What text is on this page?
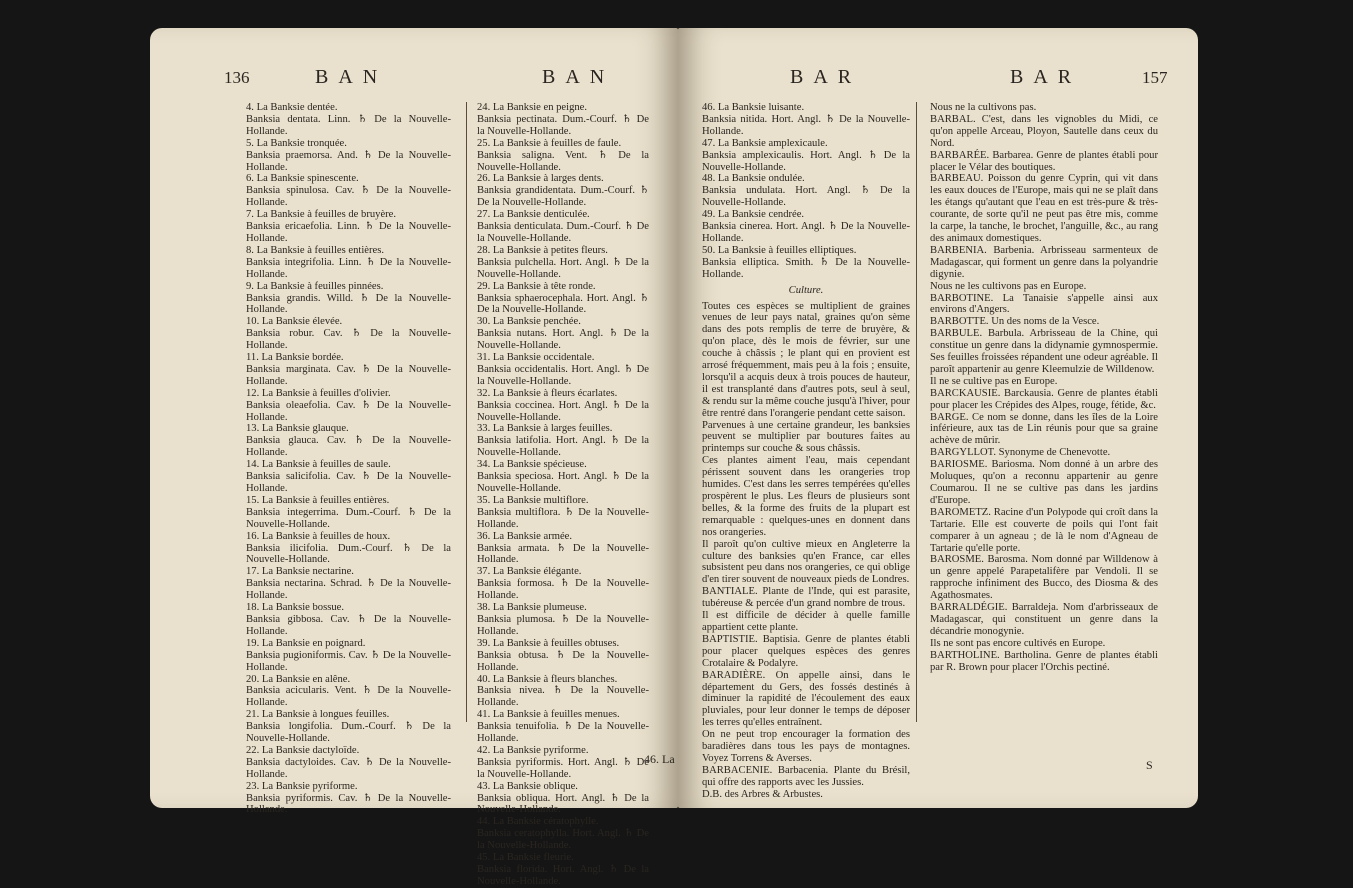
136	BAN	BAN

4. La Banksie dentée.

Banksia dentata. Linn. ♄ De la Nouvelle-Hollande.

5. La Banksie tronquée.

Banksia praemorsa. And. ♄ De la Nouvelle-Hollande.

6. La Banksie spinescente.

Banksia spinulosa. Cav. ♄ De la Nouvelle-Hollande.

7. La Banksie à feuilles de bruyère.

Banksia ericaefolia. Linn. ♄ De la Nouvelle-Hollande.

8. La Banksie à feuilles entières.

Banksia integrifolia. Linn. ♄ De la Nouvelle-Hollande.

9. La Banksie à feuilles pinnées.

Banksia grandis. Willd. ♄ De la Nouvelle-Hollande.

10. La Banksie élevée.

Banksia robur. Cav. ♄ De la Nouvelle-Hollande.

11. La Banksie bordée.

Banksia marginata. Cav. ♄ De la Nouvelle-Hollande.

12. La Banksie à feuilles d'olivier.

Banksia oleaefolia. Cav. ♄ De la Nouvelle-Hollande.

13. La Banksie glauque.

Banksia glauca. Cav. ♄ De la Nouvelle-Hollande.

14. La Banksie à feuilles de saule.

Banksia salicifolia. Cav. ♄ De la Nouvelle-Hollande.

15. La Banksie à feuilles entières.

Banksia integerrima. Dum.-Courf. ♄ De la Nouvelle-Hollande.

16. La Banksie à feuilles de houx.

Banksia ilicifolia. Dum.-Courf. ♄ De la Nouvelle-Hollande.

17. La Banksie nectarine.

Banksia nectarina. Schrad. ♄ De la Nouvelle-Hollande.

18. La Banksie bossue.

Banksia gibbosa. Cav. ♄ De la Nouvelle-Hollande.

19. La Banksie en poignard.

Banksia pugioniformis. Cav. ♄ De la Nouvelle-Hollande.

20. La Banksie en alêne.

Banksia acicularis. Vent. ♄ De la Nouvelle-Hollande.

21. La Banksie à longues feuilles.

Banksia longifolia. Dum.-Courf. ♄ De la Nouvelle-Hollande.

22. La Banksie dactyloïde.

Banksia dactyloides. Cav. ♄ De la Nouvelle-Hollande.

23. La Banksie pyriforme.

Banksia pyriformis. Cav. ♄ De la Nouvelle-Hollande.

24. La Banksie en peigne.

Banksia pectinata. Dum.-Courf. ♄ De la Nouvelle-Hollande.

25. La Banksie à feuilles de faule.

Banksia saligna. Vent. ♄ De la Nouvelle-Hollande.

26. La Banksie à larges dents.

Banksia grandidentata. Dum.-Courf. ♄ De la Nouvelle-Hollande.

27. La Banksie denticulée.

Banksia denticulata. Dum.-Courf. ♄ De la Nouvelle-Hollande.

28. La Banksie à petites fleurs.

Banksia pulchella. Hort. Angl. ♄ De la Nouvelle-Hollande.

29. La Banksie à tête ronde.

Banksia sphaerocephala. Hort. Angl. ♄ De la Nouvelle-Hollande.

30. La Banksie penchée.

Banksia nutans. Hort. Angl. ♄ De la Nouvelle-Hollande.

31. La Banksie occidentale.

Banksia occidentalis. Hort. Angl. ♄ De la Nouvelle-Hollande.

32. La Banksie à fleurs écarlates.

Banksia coccinea. Hort. Angl. ♄ De la Nouvelle-Hollande.

33. La Banksie à larges feuilles.

Banksia latifolia. Hort. Angl. ♄ De la Nouvelle-Hollande.

34. La Banksie spécieuse.

Banksia speciosa. Hort. Angl. ♄ De la Nouvelle-Hollande.

35. La Banksie multiflore.

Banksia multiflora. ♄ De la Nouvelle-Hollande.

36. La Banksie armée.

Banksia armata. ♄ De la Nouvelle-Hollande.

37. La Banksie élégante.

Banksia formosa. ♄ De la Nouvelle-Hollande.

38. La Banksie plumeuse.

Banksia plumosa. ♄ De la Nouvelle-Hollande.

39. La Banksie à feuilles obtuses.

Banksia obtusa. ♄ De la Nouvelle-Hollande.

40. La Banksie à fleurs blanches.

Banksia nivea. ♄ De la Nouvelle-Hollande.

41. La Banksie à feuilles menues.

Banksia tenuifolia. ♄ De la Nouvelle-Hollande.

42. La Banksie pyriforme.

Banksia pyriformis. Hort. Angl. ♄ De la Nouvelle-Hollande.

43. La Banksie oblique.

Banksia obliqua. Hort. Angl. ♄ De la Nouvelle-Hollande.

44. La Banksie cératophylle.

Banksia ceratophylla. Hort. Angl. ♄ De la Nouvelle-Hollande.

45. La Banksie fleurie.

Banksia florida. Hort. Angl. ♄ De la Nouvelle-Hollande.

46. La
BAR	BAR	157

46. La Banksie luisante.

Banksia nitida. Hort. Angl. ♄ De la Nouvelle-Hollande.

47. La Banksie amplexicaule.

Banksia amplexicaulis. Hort. Angl. ♄ De la Nouvelle-Hollande.

48. La Banksie ondulée.

Banksia undulata. Hort. Angl. ♄ De la Nouvelle-Hollande.

49. La Banksie cendrée.

Banksia cinerea. Hort. Angl. ♄ De la Nouvelle-Hollande.

50. La Banksie à feuilles elliptiques.

Banksia elliptica. Smith. ♄ De la Nouvelle-Hollande.

Culture.

Toutes ces espèces se multiplient de graines venues de leur pays natal, graines qu'on sème dans des pots remplis de terre de bruyère, & qu'on place, dès le mois de février, sur une couche à châssis ; le plant qui en provient est arrosé fréquemment, mais peu à la fois ; ensuite, lorsqu'il a acquis deux à trois pouces de hauteur, il est transplanté dans d'autres pots, seul à seul, & rendu sur la même couche jusqu'à l'hiver, pour être rentré dans l'orangerie pendant cette saison.

Parvenues à une certaine grandeur, les banksies peuvent se multiplier par boutures faites au printemps sur couche & sous châssis.

Ces plantes aiment l'eau, mais cependant périssent souvent dans les orangeries trop humides. C'est dans les serres tempérées qu'elles prospèrent le plus. Les fleurs de plusieurs sont belles, & la forme des fruits de la plupart est remarquable : quelques-unes en donnent dans nos orangeries.

Il paroît qu'on cultive mieux en Angleterre la culture des banksies qu'en France, car elles subsistent peu dans nos orangeries, ce qui oblige d'en tirer souvent de nouveaux pieds de Londres.

BANTIALE. Plante de l'Inde, qui est parasite, tubéreuse & percée d'un grand nombre de trous.

Il est difficile de décider à quelle famille appartient cette plante.

BAPTISTIE. Baptisia. Genre de plantes établi pour placer quelques espèces des genres Crotalaire & Podalyre.

BARADIÈRE. On appelle ainsi, dans le département du Gers, des fossés destinés à diminuer la rapidité de l'écoulement des eaux pluviales, pour leur donner le temps de déposer les terres qu'elles entraînent.

On ne peut trop encourager la formation des baradières dans tous les pays de montagnes. Voyez Torrens & Averses.

BARBACENIE. Barbacenia. Plante du Brésil, qui offre des rapports avec les Jussies.

D.B. des Arbres & Arbustes.

Nous ne la cultivons pas.

BARBAL. C'est, dans les vignobles du Midi, ce qu'on appelle Arceau, Ployon, Sautelle dans ceux du Nord.

BARBARÉE. Barbarea. Genre de plantes établi pour placer le Vélar des boutiques.

BARBEAU. Poisson du genre Cyprin, qui vit dans les eaux douces de l'Europe, mais qui ne se plaît dans les étangs qu'autant que l'eau en est très-pure & très-courante, de sorte qu'il ne peut pas être mis, comme la carpe, la tanche, le brochet, l'anguille, &c., au rang des animaux domestiques.

BARBENIA. Barbenia. Arbrisseau sarmenteux de Madagascar, qui forment un genre dans la polyandrie digynie.

Nous ne les cultivons pas en Europe.

BARBOTINE. La Tanaisie s'appelle ainsi aux environs d'Angers.

BARBOTTE. Un des noms de la Vesce.

BARBULE. Barbula. Arbrisseau de la Chine, qui constitue un genre dans la didynamie gymnospermie. Ses feuilles froissées répandent une odeur agréable. Il paroît appartenir au genre Kleemulzie de Willdenow.

Il ne se cultive pas en Europe.

BARCKAUSIE. Barckausia. Genre de plantes établi pour placer les Crépides des Alpes, rouge, fétide, &c.

BARGE. Ce nom se donne, dans les îles de la Loire inférieure, aux tas de Lin réunis pour que sa graine achève de mûrir.

BARGYLLOT. Synonyme de Chenevotte.

BARIOSME. Bariosma. Nom donné à un arbre des Moluques, qu'on a reconnu appartenir au genre Coumarou. Il ne se cultive pas dans les jardins d'Europe.

BAROMETZ. Racine d'un Polypode qui croît dans la Tartarie. Elle est couverte de poils qui l'ont fait comparer à un agneau ; de là le nom d'Agneau de Tartarie qu'elle porte.

BAROSME. Barosma. Nom donné par Willdenow à un genre appelé Parapetalifère par Vendoli. Il se rapproche infiniment des Bucco, des Diosma & des Agathosmates.

BARRALDÉGIE. Barraldeja. Nom d'arbrisseaux de Madagascar, qui constituent un genre dans la décandrie monogynie.

Ils ne sont pas encore cultivés en Europe.

BARTHOLINE. Bartholina. Genre de plantes établi par R. Brown pour placer l'Orchis pectiné.

S
